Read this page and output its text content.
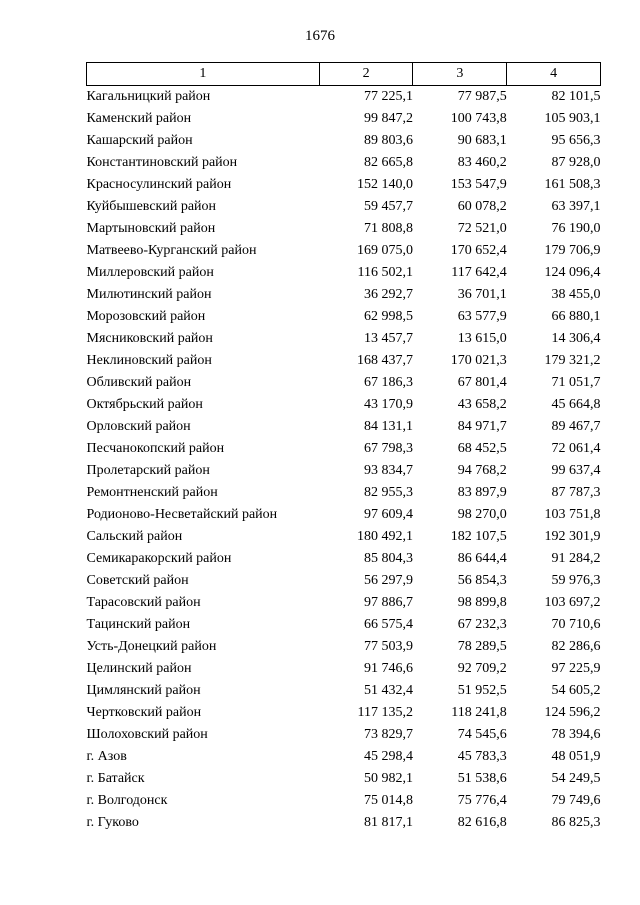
1676
1	2	3	4
Кагальницкий район	77 225,1	77 987,5	82 101,5
Каменский район	99 847,2	100 743,8	105 903,1
Кашарский район	89 803,6	90 683,1	95 656,3
Константиновский район	82 665,8	83 460,2	87 928,0
Красносулинский район	152 140,0	153 547,9	161 508,3
Куйбышевский район	59 457,7	60 078,2	63 397,1
Мартыновский район	71 808,8	72 521,0	76 190,0
Матвеево-Курганский район	169 075,0	170 652,4	179 706,9
Миллеровский район	116 502,1	117 642,4	124 096,4
Милютинский район	36 292,7	36 701,1	38 455,0
Морозовский район	62 998,5	63 577,9	66 880,1
Мясниковский район	13 457,7	13 615,0	14 306,4
Неклиновский район	168 437,7	170 021,3	179 321,2
Обливский район	67 186,3	67 801,4	71 051,7
Октябрьский район	43 170,9	43 658,2	45 664,8
Орловский район	84 131,1	84 971,7	89 467,7
Песчанокопский район	67 798,3	68 452,5	72 061,4
Пролетарский район	93 834,7	94 768,2	99 637,4
Ремонтненский район	82 955,3	83 897,9	87 787,3
Родионово-Несветайский район	97 609,4	98 270,0	103 751,8
Сальский район	180 492,1	182 107,5	192 301,9
Семикаракорский район	85 804,3	86 644,4	91 284,2
Советский район	56 297,9	56 854,3	59 976,3
Тарасовский район	97 886,7	98 899,8	103 697,2
Тацинский район	66 575,4	67 232,3	70 710,6
Усть-Донецкий район	77 503,9	78 289,5	82 286,6
Целинский район	91 746,6	92 709,2	97 225,9
Цимлянский район	51 432,4	51 952,5	54 605,2
Чертковский район	117 135,2	118 241,8	124 596,2
Шолоховский район	73 829,7	74 545,6	78 394,6
г. Азов	45 298,4	45 783,3	48 051,9
г. Батайск	50 982,1	51 538,6	54 249,5
г. Волгодонск	75 014,8	75 776,4	79 749,6
г. Гуково	81 817,1	82 616,8	86 825,3
